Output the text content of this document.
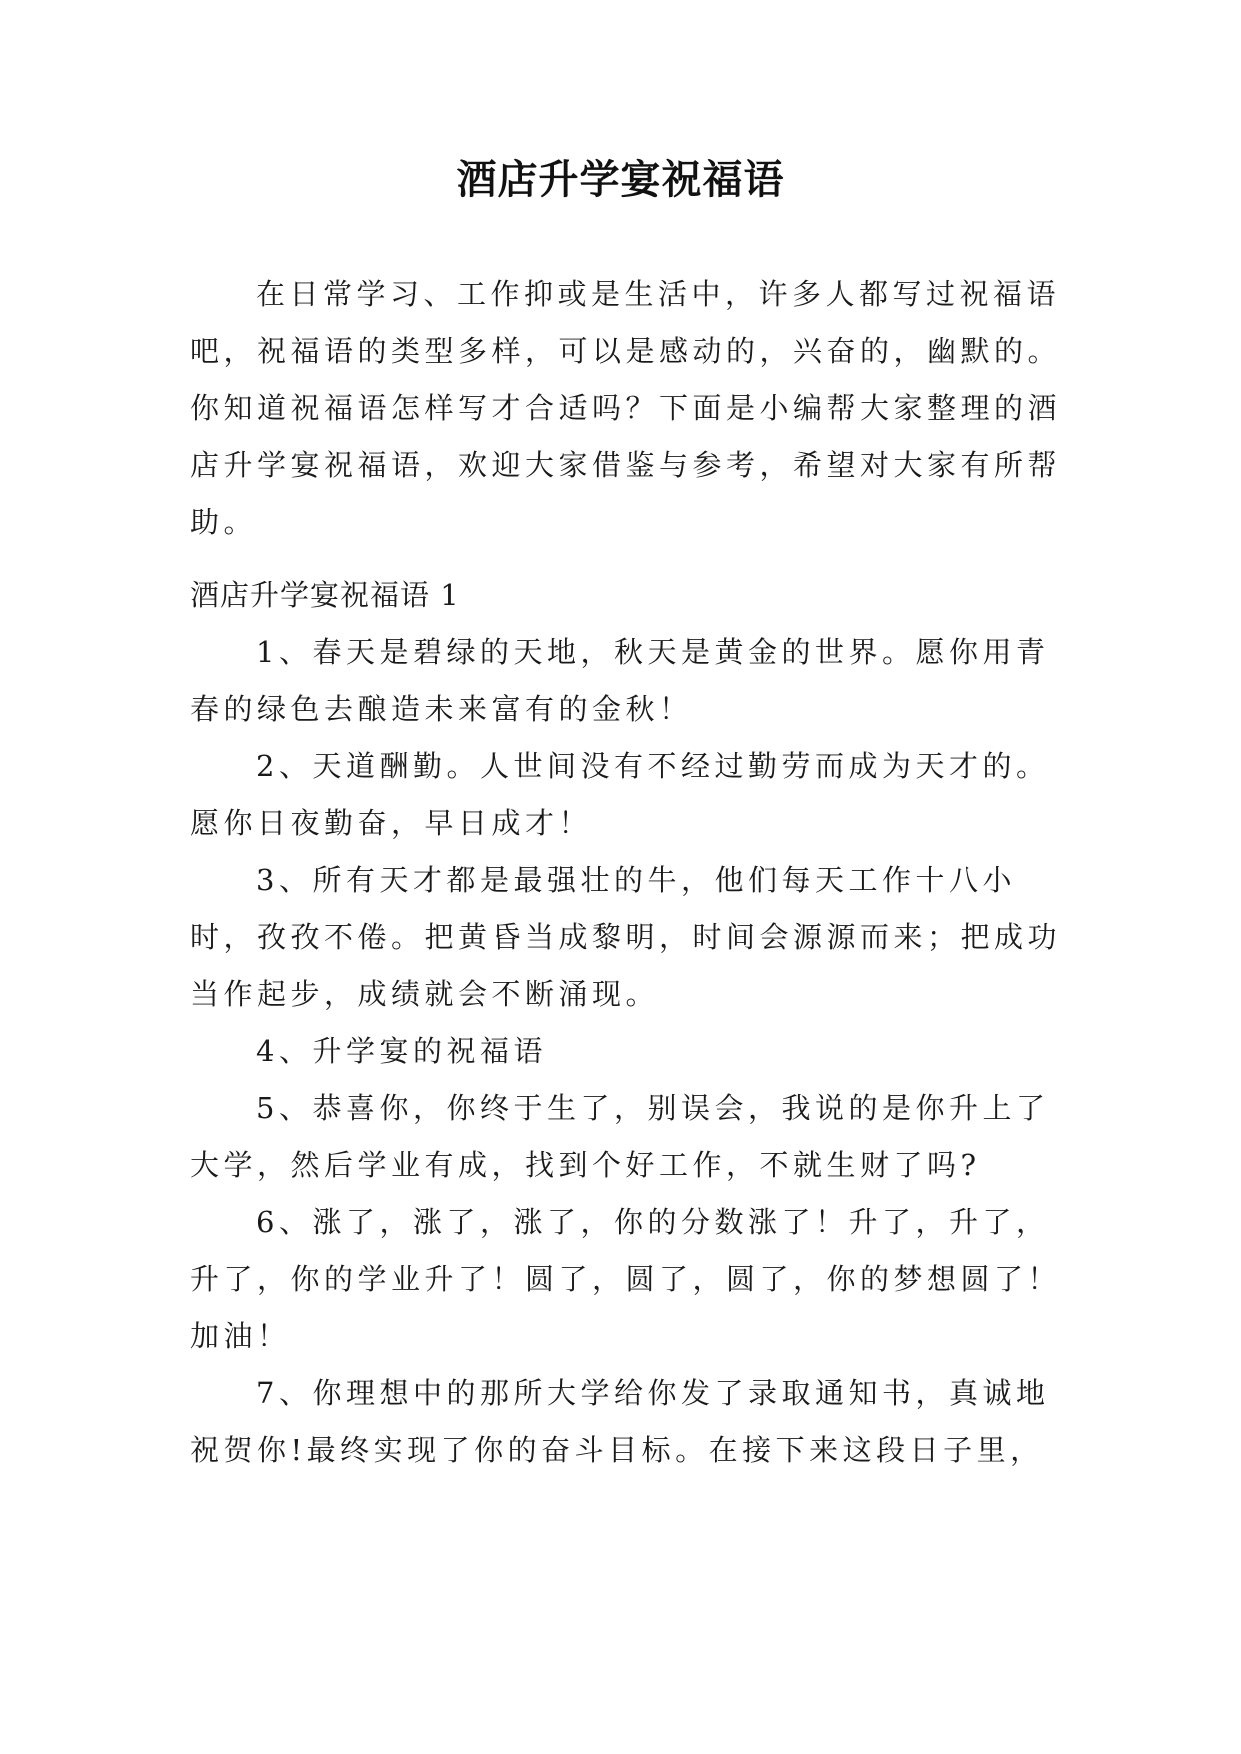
酒店升学宴祝福语

在日常学习、工作抑或是生活中，许多人都写过祝福语吧，祝福语的类型多样，可以是感动的，兴奋的，幽默的。你知道祝福语怎样写才合适吗？下面是小编帮大家整理的酒店升学宴祝福语，欢迎大家借鉴与参考，希望对大家有所帮助。

酒店升学宴祝福语 1

1、春天是碧绿的天地，秋天是黄金的世界。愿你用青春的绿色去酿造未来富有的金秋！

2、天道酬勤。人世间没有不经过勤劳而成为天才的。愿你日夜勤奋，早日成才！

3、所有天才都是最强壮的牛，他们每天工作十八小时，孜孜不倦。把黄昏当成黎明，时间会源源而来；把成功当作起步，成绩就会不断涌现。

4、升学宴的祝福语

5、恭喜你，你终于生了，别误会，我说的是你升上了大学，然后学业有成，找到个好工作，不就生财了吗?

6、涨了，涨了，涨了，你的分数涨了！升了，升了，升了，你的学业升了！圆了，圆了，圆了，你的梦想圆了！加油！

7、你理想中的那所大学给你发了录取通知书，真诚地祝贺你!最终实现了你的奋斗目标。在接下来这段日子里，
